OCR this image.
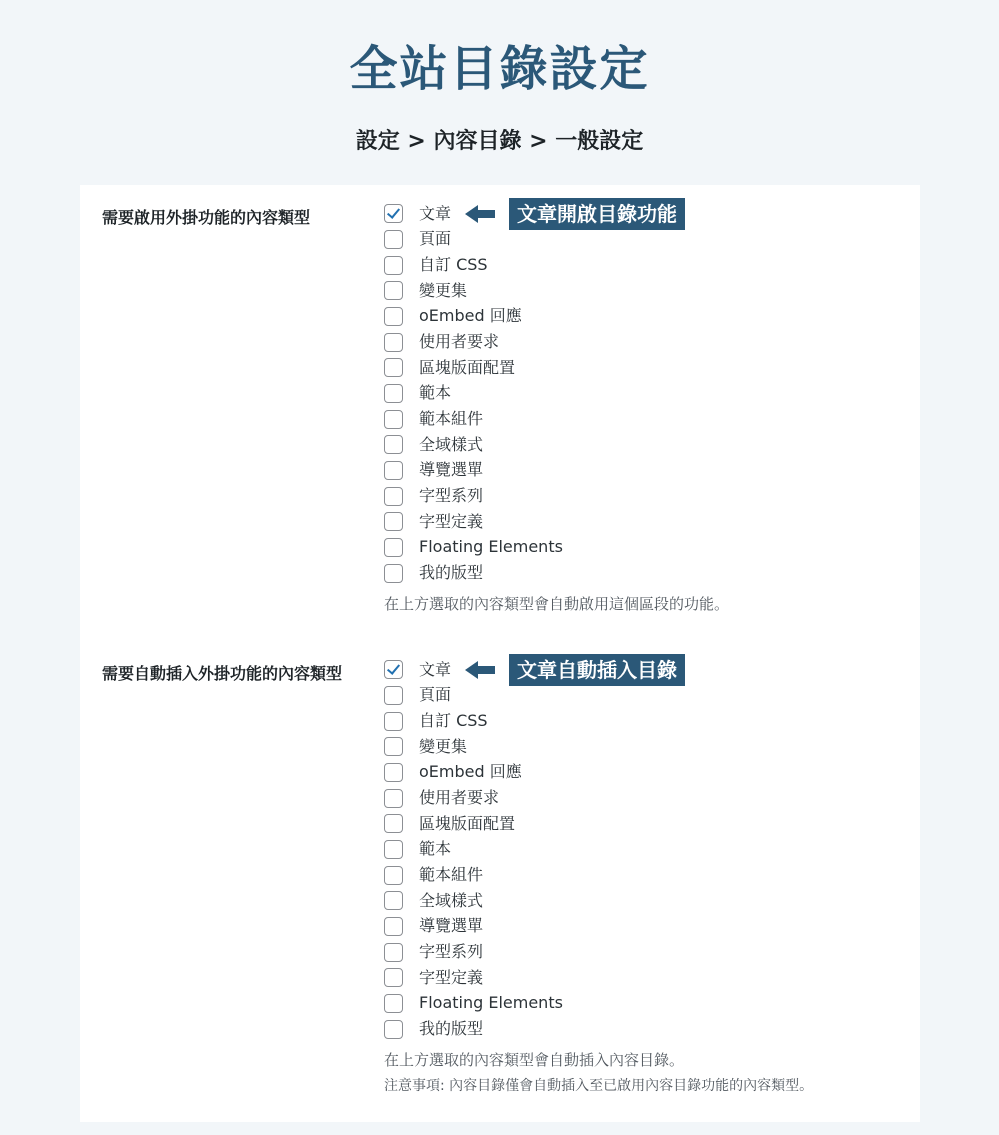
全站目錄設定
設定 > 內容目錄 > 一般設定
需要啟用外掛功能的內容類型	文章	文章開啟目錄功能
頁面
自訂 CSS
變更集
oEmbed 回應
使用者要求
區塊版面配置
範本
範本組件
全域樣式
導覽選單
字型系列
字型定義
Floating Elements
我的版型
在上方選取的內容類型會自動啟用這個區段的功能。
需要自動插入外掛功能的內容類型	文章	文章自動插入目錄
頁面
自訂 CSS
變更集
oEmbed 回應
使用者要求
區塊版面配置
範本
範本組件
全域樣式
導覽選單
字型系列
字型定義
Floating Elements
我的版型
在上方選取的內容類型會自動插入內容目錄。
注意事項: 內容目錄僅會自動插入至已啟用內容目錄功能的內容類型。
